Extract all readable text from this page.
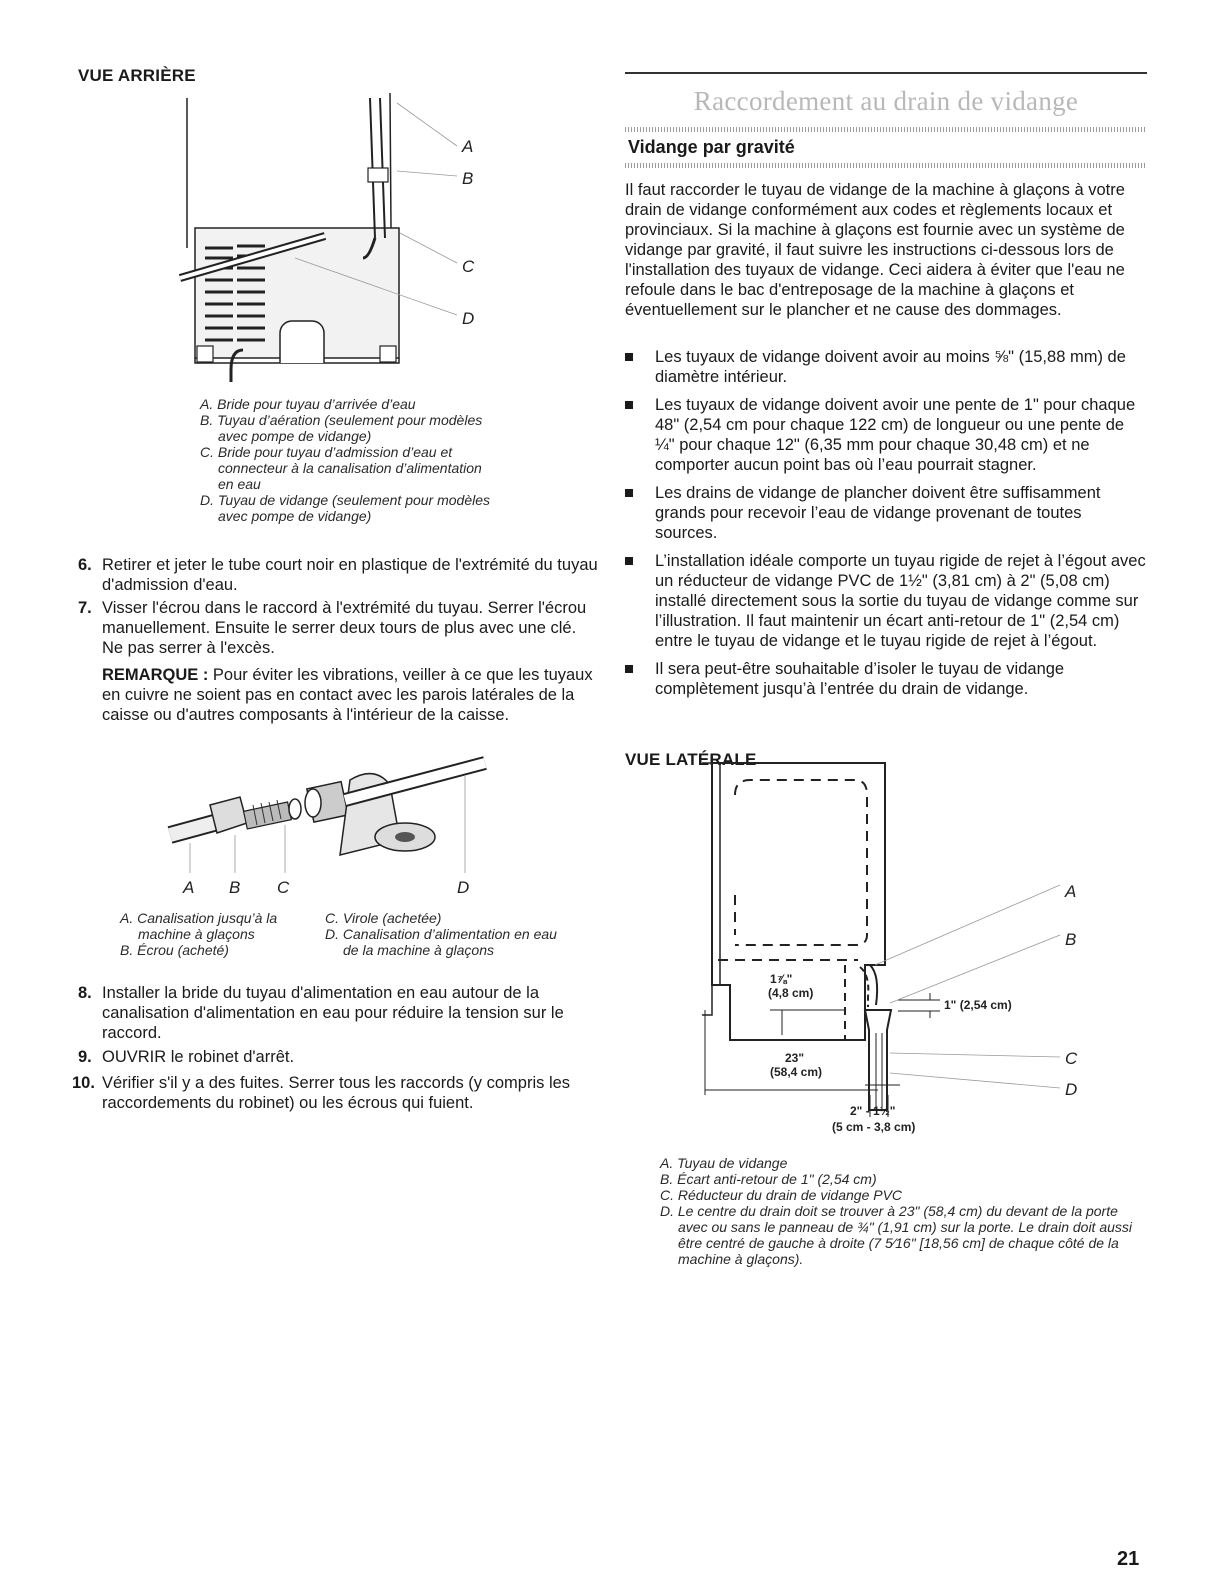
VUE ARRIÈRE
A
B
C
D
A. Bride pour tuyau d’arrivée d’eau
B. Tuyau d’aération (seulement pour modèles avec pompe de vidange)
C. Bride pour tuyau d’admission d’eau et connecteur à la canalisation d’alimentation en eau
D. Tuyau de vidange (seulement pour modèles avec pompe de vidange)
6. Retirer et jeter le tube court noir en plastique de l'extrémité du tuyau d'admission d'eau.
7. Visser l'écrou dans le raccord à l'extrémité du tuyau. Serrer l'écrou manuellement. Ensuite le serrer deux tours de plus avec une clé. Ne pas serrer à l'excès.
REMARQUE : Pour éviter les vibrations, veiller à ce que les tuyaux en cuivre ne soient pas en contact avec les parois latérales de la caisse ou d'autres composants à l'intérieur de la caisse.
A B C	D
A. Canalisation jusqu’à la machine à glaçons
B. Écrou (acheté)
C. Virole (achetée)
D. Canalisation d’alimentation en eau de la machine à glaçons
8. Installer la bride du tuyau d'alimentation en eau autour de la canalisation d'alimentation en eau pour réduire la tension sur le raccord.
9. OUVRIR le robinet d'arrêt.
10. Vérifier s'il y a des fuites. Serrer tous les raccords (y compris les raccordements du robinet) ou les écrous qui fuient.
Raccordement au drain de vidange
Vidange par gravité
Il faut raccorder le tuyau de vidange de la machine à glaçons à votre drain de vidange conformément aux codes et règlements locaux et provinciaux. Si la machine à glaçons est fournie avec un système de vidange par gravité, il faut suivre les instructions ci-dessous lors de l'installation des tuyaux de vidange. Ceci aidera à éviter que l'eau ne refoule dans le bac d'entreposage de la machine à glaçons et éventuellement sur le plancher et ne cause des dommages.
Les tuyaux de vidange doivent avoir au moins ⅝" (15,88 mm) de diamètre intérieur.
Les tuyaux de vidange doivent avoir une pente de 1" pour chaque 48" (2,54 cm pour chaque 122 cm) de longueur ou une pente de ¼" pour chaque 12" (6,35 mm pour chaque 30,48 cm) et ne comporter aucun point bas où l’eau pourrait stagner.
Les drains de vidange de plancher doivent être suffisamment grands pour recevoir l’eau de vidange provenant de toutes sources.
L’installation idéale comporte un tuyau rigide de rejet à l’égout avec un réducteur de vidange PVC de 1½" (3,81 cm) à 2" (5,08 cm) installé directement sous la sortie du tuyau de vidange comme sur l’illustration. Il faut maintenir un écart anti-retour de 1" (2,54 cm) entre le tuyau de vidange et le tuyau rigide de rejet à l’égout.
Il sera peut-être souhaitable d’isoler le tuyau de vidange complètement jusqu’à l’entrée du drain de vidange.
VUE LATÉRALE
1" (2,54 cm)
1⅞"
(4,8 cm)
23"
(58,4 cm)
2" - 1½"
(5 cm - 3,8 cm)
A
B
C
D
A. Tuyau de vidange
B. Écart anti-retour de 1" (2,54 cm)
C. Réducteur du drain de vidange PVC
D. Le centre du drain doit se trouver à 23" (58,4 cm) du devant de la porte avec ou sans le panneau de ¾" (1,91 cm) sur la porte. Le drain doit aussi être centré de gauche à droite (7 5⁄16" [18,56 cm] de chaque côté de la machine à glaçons).
21
